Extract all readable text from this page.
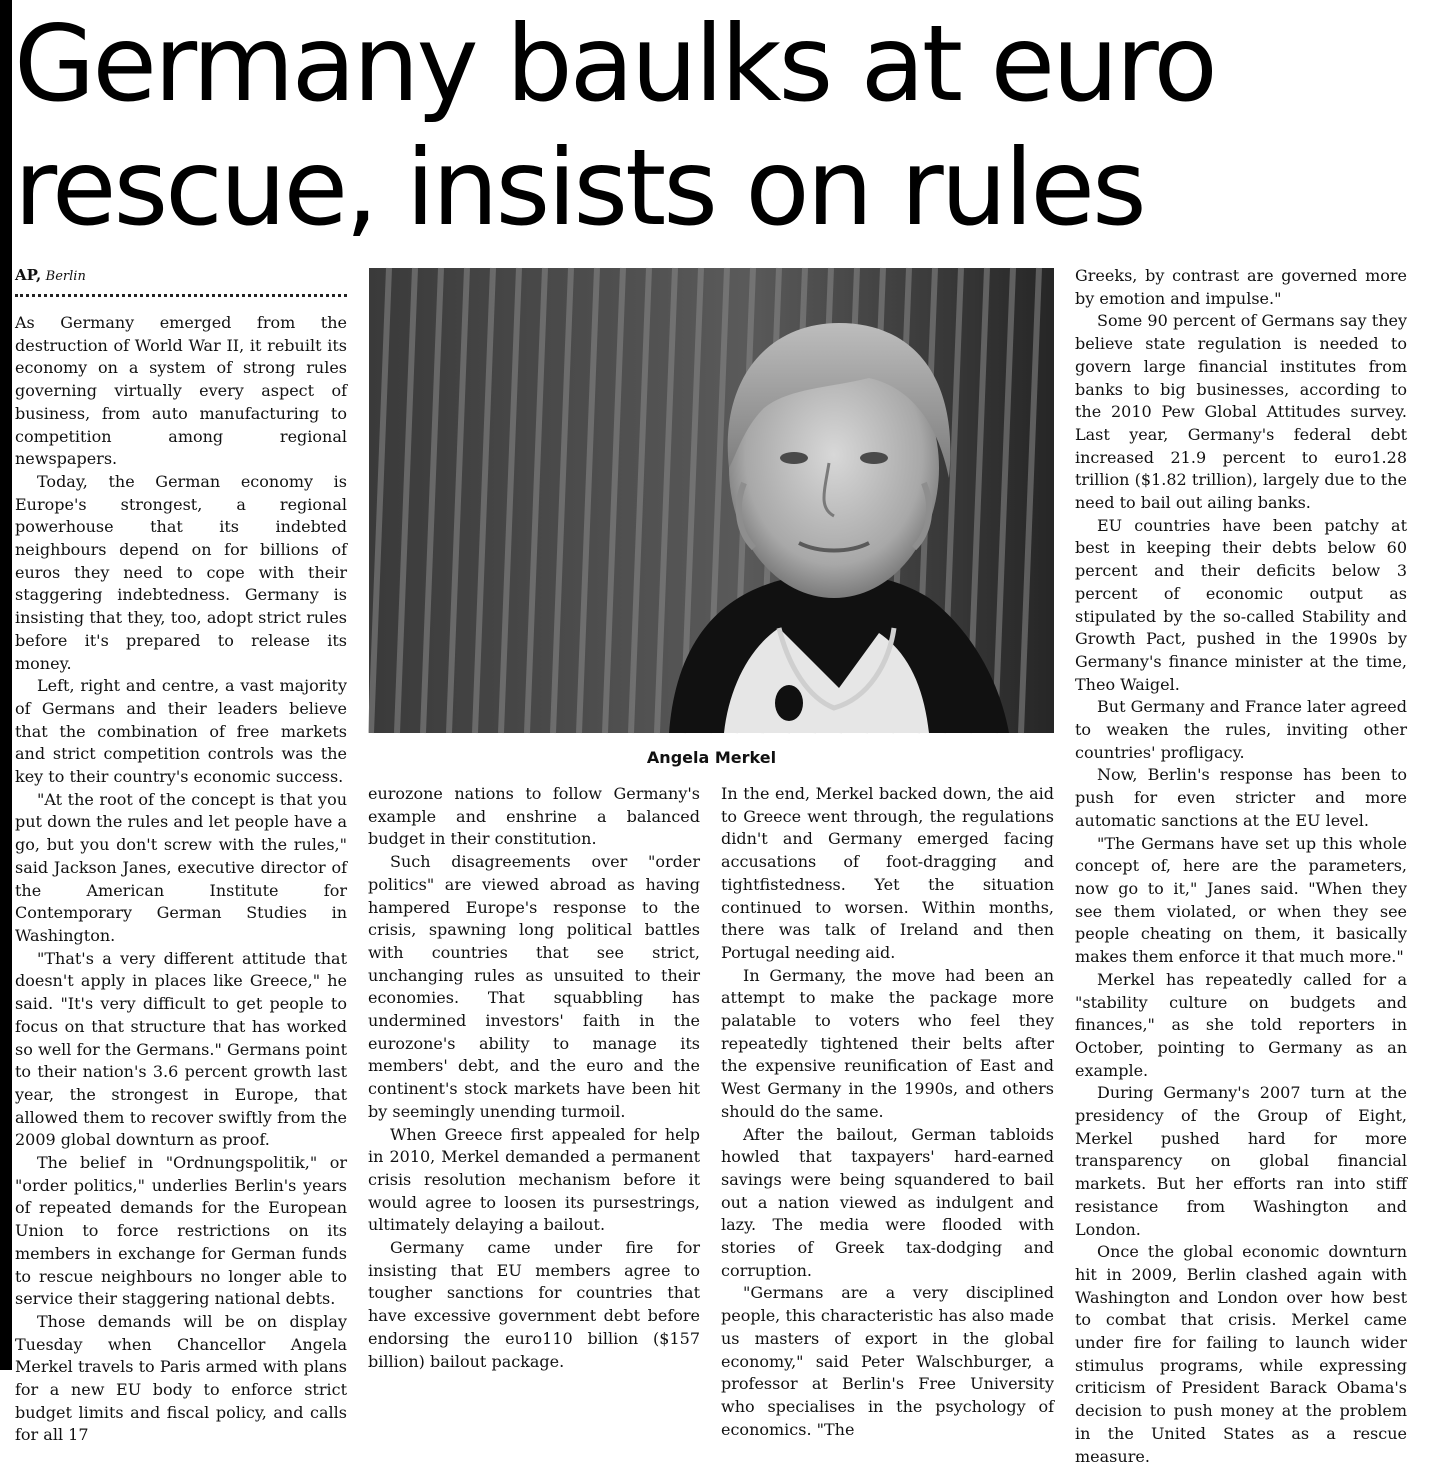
Germany baulks at euro
rescue, insists on rules
AP, Berlin
Angela Merkel

As Germany emerged from the destruction of World War II, it rebuilt its economy on a system of strong rules governing virtually every aspect of business, from auto manufacturing to competition among regional newspapers.

Today, the German economy is Europe's strongest, a regional powerhouse that its indebted neighbours depend on for billions of euros they need to cope with their staggering indebtedness. Germany is insisting that they, too, adopt strict rules before it's prepared to release its money.

Left, right and centre, a vast majority of Germans and their leaders believe that the combination of free markets and strict competition controls was the key to their country's economic success.

"At the root of the concept is that you put down the rules and let people have a go, but you don't screw with the rules," said Jackson Janes, executive director of the American Institute for Contemporary German Studies in Washington.

"That's a very different attitude that doesn't apply in places like Greece," he said. "It's very difficult to get people to focus on that structure that has worked so well for the Germans." Germans point to their nation's 3.6 percent growth last year, the strongest in Europe, that allowed them to recover swiftly from the 2009 global downturn as proof.

The belief in "Ordnungspolitik," or "order politics," underlies Berlin's years of repeated demands for the European Union to force restrictions on its members in exchange for German funds to rescue neighbours no longer able to service their staggering national debts.

Those demands will be on display Tuesday when Chancellor Angela Merkel travels to Paris armed with plans for a new EU body to enforce strict budget limits and fiscal policy, and calls for all 17

eurozone nations to follow Germany's example and enshrine a balanced budget in their constitution.

Such disagreements over "order politics" are viewed abroad as having hampered Europe's response to the crisis, spawning long political battles with countries that see strict, unchanging rules as unsuited to their economies. That squabbling has undermined investors' faith in the eurozone's ability to manage its members' debt, and the euro and the continent's stock markets have been hit by seemingly unending turmoil.

When Greece first appealed for help in 2010, Merkel demanded a permanent crisis resolution mechanism before it would agree to loosen its pursestrings, ultimately delaying a bailout.

Germany came under fire for insisting that EU members agree to tougher sanctions for countries that have excessive government debt before endorsing the euro110 billion ($157 billion) bailout package.

In the end, Merkel backed down, the aid to Greece went through, the regulations didn't and Germany emerged facing accusations of foot-dragging and tightfistedness. Yet the situation continued to worsen. Within months, there was talk of Ireland and then Portugal needing aid.

In Germany, the move had been an attempt to make the package more palatable to voters who feel they repeatedly tightened their belts after the expensive reunification of East and West Germany in the 1990s, and others should do the same.

After the bailout, German tabloids howled that taxpayers' hard-earned savings were being squandered to bail out a nation viewed as indulgent and lazy. The media were flooded with stories of Greek tax-dodging and corruption.

"Germans are a very disciplined people, this characteristic has also made us masters of export in the global economy," said Peter Walschburger, a professor at Berlin's Free University who specialises in the psychology of economics. "The

Greeks, by contrast are governed more by emotion and impulse."

Some 90 percent of Germans say they believe state regulation is needed to govern large financial institutes from banks to big businesses, according to the 2010 Pew Global Attitudes survey. Last year, Germany's federal debt increased 21.9 percent to euro1.28 trillion ($1.82 trillion), largely due to the need to bail out ailing banks.

EU countries have been patchy at best in keeping their debts below 60 percent and their deficits below 3 percent of economic output as stipulated by the so-called Stability and Growth Pact, pushed in the 1990s by Germany's finance minister at the time, Theo Waigel.

But Germany and France later agreed to weaken the rules, inviting other countries' profligacy.

Now, Berlin's response has been to push for even stricter and more automatic sanctions at the EU level.

"The Germans have set up this whole concept of, here are the parameters, now go to it," Janes said. "When they see them violated, or when they see people cheating on them, it basically makes them enforce it that much more."

Merkel has repeatedly called for a "stability culture on budgets and finances," as she told reporters in October, pointing to Germany as an example.

During Germany's 2007 turn at the presidency of the Group of Eight, Merkel pushed hard for more transparency on global financial markets. But her efforts ran into stiff resistance from Washington and London.

Once the global economic downturn hit in 2009, Berlin clashed again with Washington and London over how best to combat that crisis. Merkel came under fire for failing to launch wider stimulus programs, while expressing criticism of President Barack Obama's decision to push money at the problem in the United States as a rescue measure.
